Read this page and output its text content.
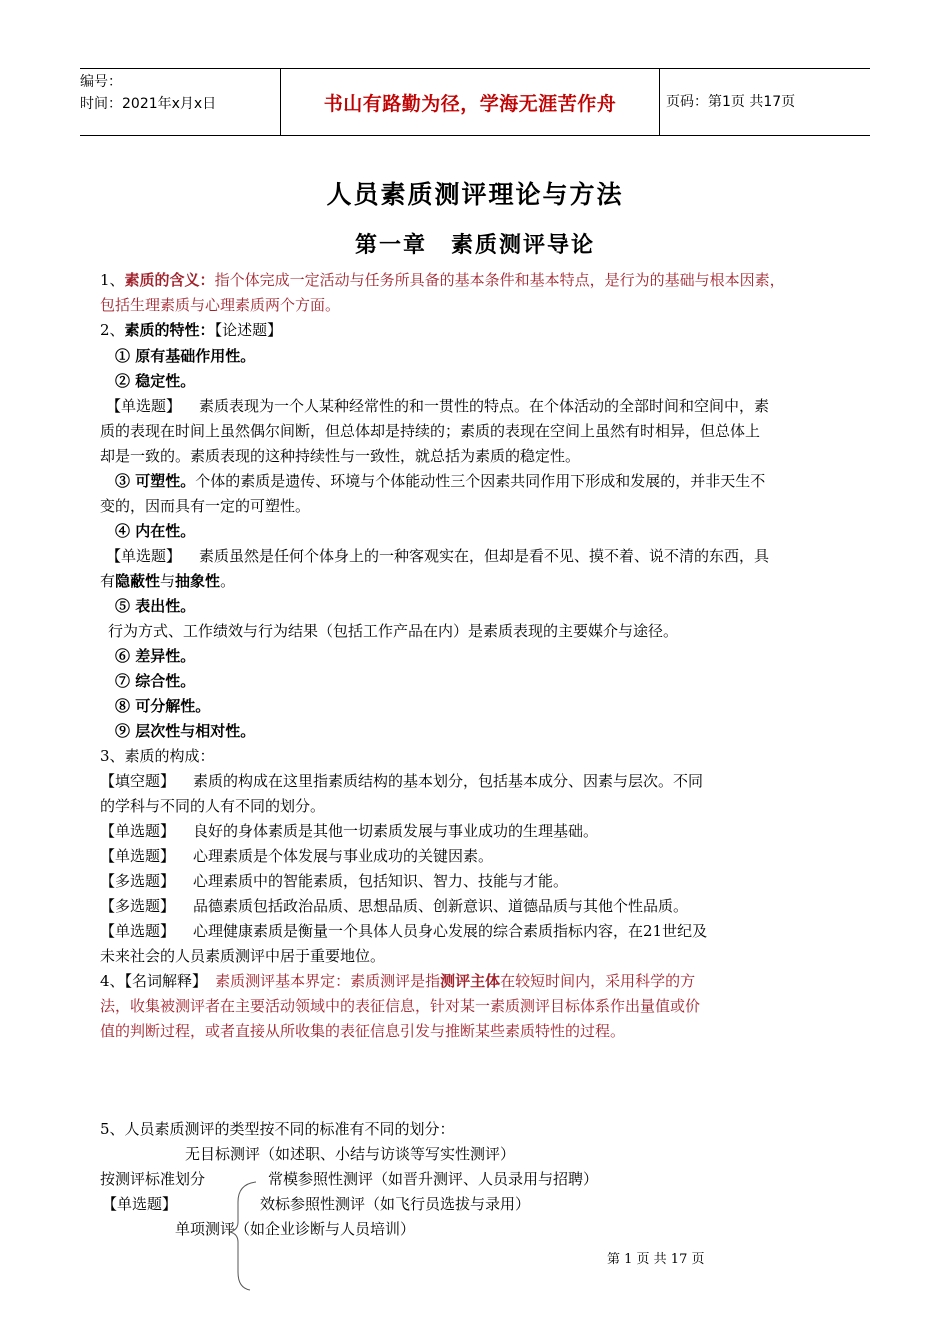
编号：
时间：2021年x月x日	书山有路勤为径，学海无涯苦作舟	页码：第1页 共17页
人员素质测评理论与方法
第一章　素质测评导论
1、素质的含义：指个体完成一定活动与任务所具备的基本条件和基本特点，是行为的基础与根本因素，
包括生理素质与心理素质两个方面。
2、素质的特性：【论述题】
① 原有基础作用性。
② 稳定性。
【单选题】 素质表现为一个人某种经常性的和一贯性的特点。在个体活动的全部时间和空间中，素
质的表现在时间上虽然偶尔间断，但总体却是持续的；素质的表现在空间上虽然有时相异，但总体上
却是一致的。素质表现的这种持续性与一致性，就总括为素质的稳定性。
③ 可塑性。个体的素质是遗传、环境与个体能动性三个因素共同作用下形成和发展的，并非天生不
变的，因而具有一定的可塑性。
④ 内在性。
【单选题】 素质虽然是任何个体身上的一种客观实在，但却是看不见、摸不着、说不清的东西，具
有隐蔽性与抽象性。
⑤ 表出性。
行为方式、工作绩效与行为结果（包括工作产品在内）是素质表现的主要媒介与途径。
⑥ 差异性。
⑦ 综合性。
⑧ 可分解性。
⑨ 层次性与相对性。
3、素质的构成：
【填空题】 素质的构成在这里指素质结构的基本划分，包括基本成分、因素与层次。不同
的学科与不同的人有不同的划分。
【单选题】 良好的身体素质是其他一切素质发展与事业成功的生理基础。
【单选题】 心理素质是个体发展与事业成功的关键因素。
【多选题】 心理素质中的智能素质，包括知识、智力、技能与才能。
【多选题】 品德素质包括政治品质、思想品质、创新意识、道德品质与其他个性品质。
【单选题】 心理健康素质是衡量一个具体人员身心发展的综合素质指标内容，在21世纪及
未来社会的人员素质测评中居于重要地位。
4、【名词解释】 素质测评基本界定：素质测评是指测评主体在较短时间内，采用科学的方
法，收集被测评者在主要活动领域中的表征信息，针对某一素质测评目标体系作出量值或价
值的判断过程，或者直接从所收集的表征信息引发与推断某些素质特性的过程。
5、人员素质测评的类型按不同的标准有不同的划分：
无目标测评（如述职、小结与访谈等写实性测评）
按测评标准划分	常模参照性测评（如晋升测评、人员录用与招聘）
【单选题】	效标参照性测评（如飞行员选拔与录用）
单项测评（如企业诊断与人员培训）
第 1 页 共 17 页
